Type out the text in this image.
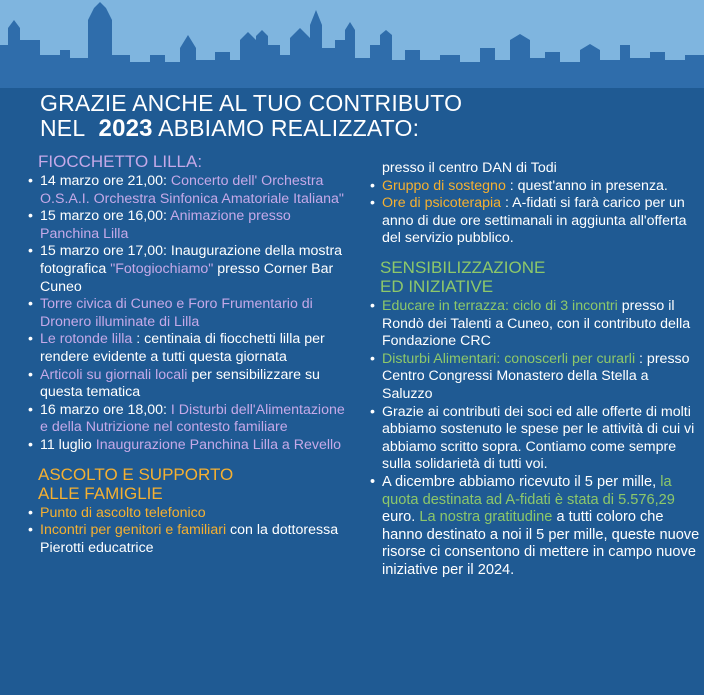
GRAZIE ANCHE AL TUO CONTRIBUTO
NEL 2023 ABBIAMO REALIZZATO:
FIOCCHETTO LILLA:
• 14 marzo ore 21,00: Concerto dell' Orchestra O.S.A.I. Orchestra Sinfonica Amatoriale Italiana"
• 15 marzo ore 16,00: Animazione presso Panchina Lilla
• 15 marzo ore 17,00: Inaugurazione della mostra fotografica "Fotogiochiamo" presso Corner Bar Cuneo
• Torre civica di Cuneo e Foro Frumentario di Dronero illuminate di Lilla
• Le rotonde lilla : centinaia di fiocchetti lilla per rendere evidente a tutti questa giornata
• Articoli su giornali locali per sensibilizzare su questa tematica
• 16 marzo ore 18,00: I Disturbi dell'Alimentazione e della Nutrizione nel contesto familiare
• 11 luglio Inaugurazione Panchina Lilla a Revello
ASCOLTO E SUPPORTO
ALLE FAMIGLIE
• Punto di ascolto telefonico
• Incontri per genitori e familiari con la dottoressa Pierotti educatrice
presso il centro DAN di Todi
• Gruppo di sostegno : quest'anno in presenza.
• Ore di psicoterapia : A-fidati si farà carico per un anno di due ore settimanali in aggiunta all'offerta del servizio pubblico.
SENSIBILIZZAZIONE
ED INIZIATIVE
• Educare in terrazza: ciclo di 3 incontri presso il Rondò dei Talenti a Cuneo, con il contributo della Fondazione CRC
• Disturbi Alimentari: conoscerli per curarli : presso Centro Congressi Monastero della Stella a Saluzzo
• Grazie ai contributi dei soci ed alle offerte di molti abbiamo sostenuto le spese per le attività di cui vi abbiamo scritto sopra. Contiamo come sempre sulla solidarietà di tutti voi.
• A dicembre abbiamo ricevuto il 5 per mille, la quota destinata ad A-fidati è stata di 5.576,29 euro. La nostra gratitudine a tutti coloro che hanno destinato a noi il 5 per mille, queste nuove risorse ci consentono di mettere in campo nuove iniziative per il 2024.
